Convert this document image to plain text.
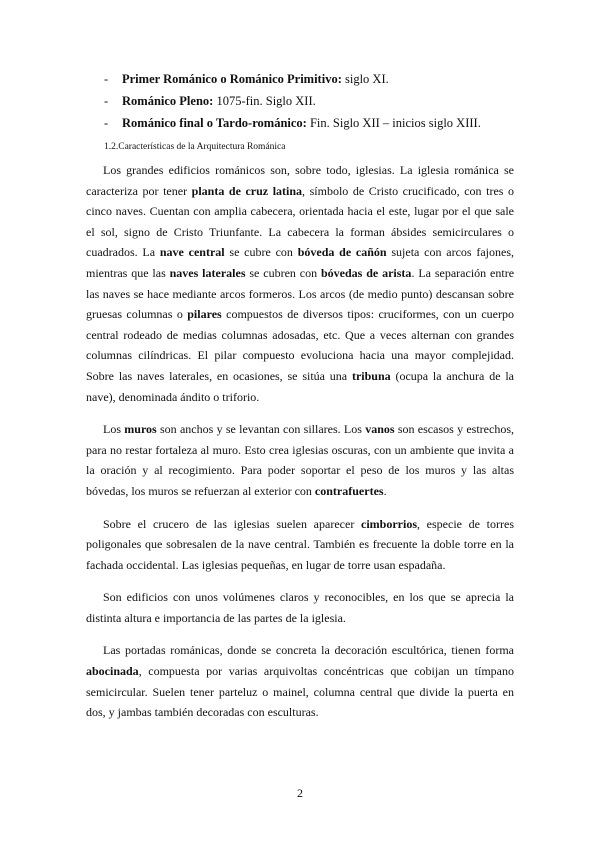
- Primer Románico o Románico Primitivo: siglo XI.
- Románico Pleno: 1075-fin. Siglo XII.
- Románico final o Tardo-románico: Fin. Siglo XII – inicios siglo XIII.
1.2.Características de la Arquitectura Románica

Los grandes edificios románicos son, sobre todo, iglesias. La iglesia románica se caracteriza por tener planta de cruz latina, símbolo de Cristo crucificado, con tres o cinco naves. Cuentan con amplia cabecera, orientada hacia el este, lugar por el que sale el sol, signo de Cristo Triunfante. La cabecera la forman ábsides semicirculares o cuadrados. La nave central se cubre con bóveda de cañón sujeta con arcos fajones, mientras que las naves laterales se cubren con bóvedas de arista. La separación entre las naves se hace mediante arcos formeros. Los arcos (de medio punto) descansan sobre gruesas columnas o pilares compuestos de diversos tipos: cruciformes, con un cuerpo central rodeado de medias columnas adosadas, etc. Que a veces alternan con grandes columnas cilíndricas. El pilar compuesto evoluciona hacia una mayor complejidad. Sobre las naves laterales, en ocasiones, se sitúa una tribuna (ocupa la anchura de la nave), denominada ándito o triforio.

Los muros son anchos y se levantan con sillares. Los vanos son escasos y estrechos, para no restar fortaleza al muro. Esto crea iglesias oscuras, con un ambiente que invita a la oración y al recogimiento. Para poder soportar el peso de los muros y las altas bóvedas, los muros se refuerzan al exterior con contrafuertes.

Sobre el crucero de las iglesias suelen aparecer cimborrios, especie de torres poligonales que sobresalen de la nave central. También es frecuente la doble torre en la fachada occidental. Las iglesias pequeñas, en lugar de torre usan espadaña.

Son edificios con unos volúmenes claros y reconocibles, en los que se aprecia la distinta altura e importancia de las partes de la iglesia.

Las portadas románicas, donde se concreta la decoración escultórica, tienen forma abocinada, compuesta por varias arquivoltas concéntricas que cobijan un tímpano semicircular. Suelen tener parteluz o mainel, columna central que divide la puerta en dos, y jambas también decoradas con esculturas.

2
